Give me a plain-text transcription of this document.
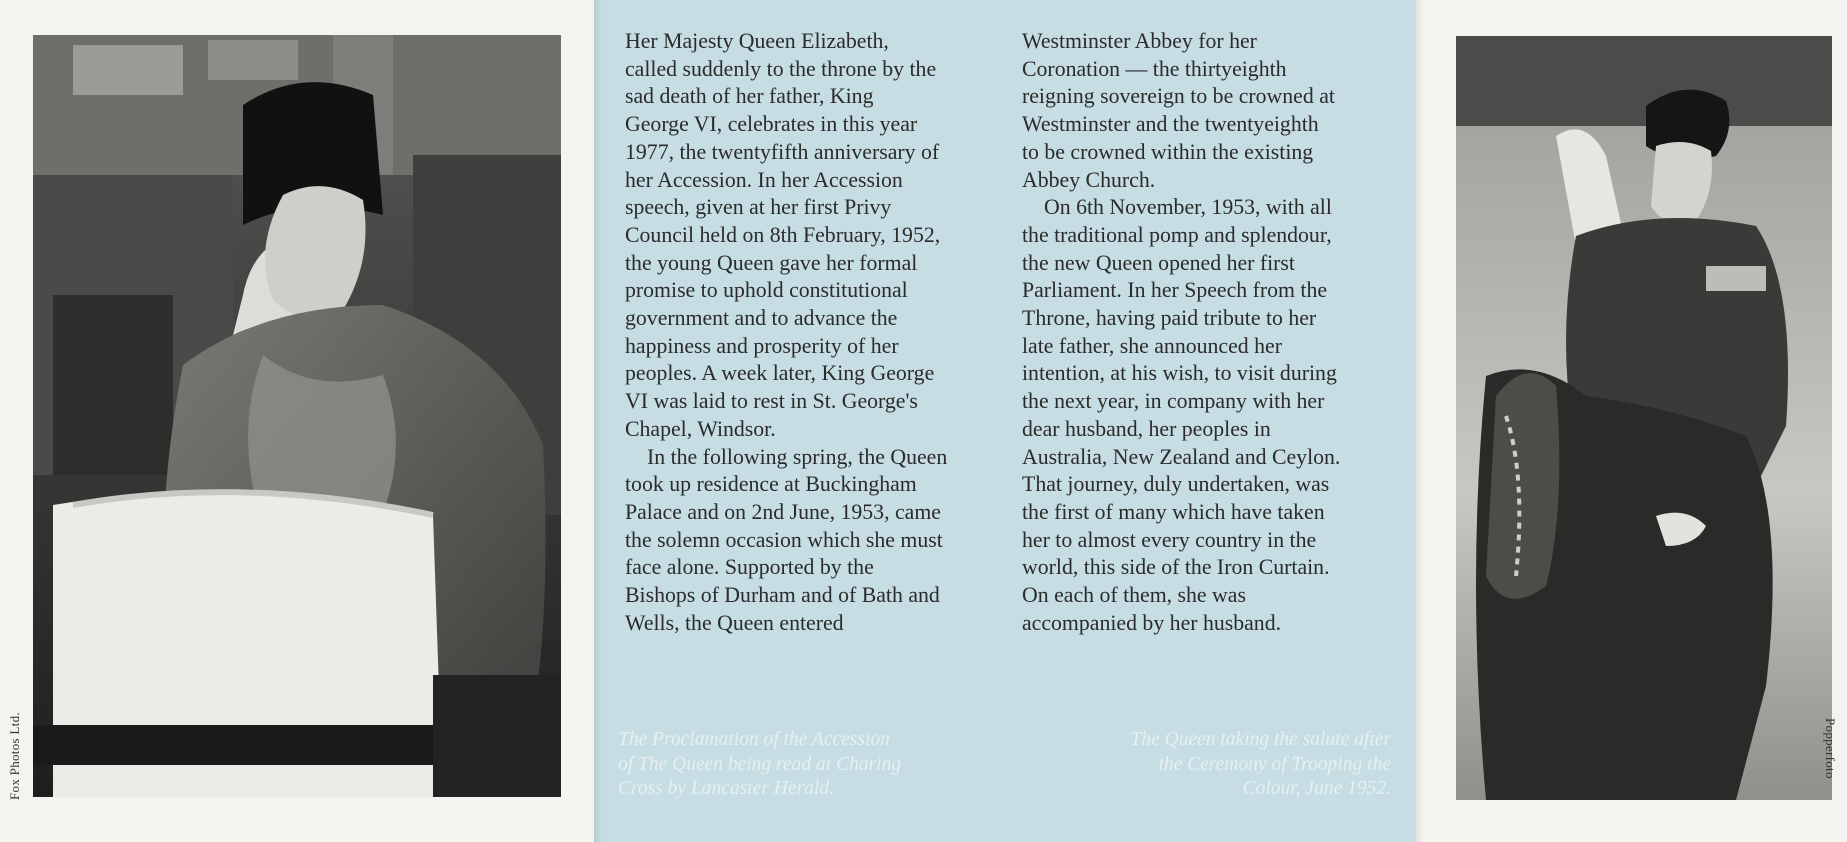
Fox Photos Ltd.	Popperfoto

Her Majesty Queen Elizabeth,
called suddenly to the throne by the
sad death of her father, King
George VI, celebrates in this year
1977, the twentyfifth anniversary of
her Accession. In her Accession
speech, given at her first Privy
Council held on 8th February, 1952,
the young Queen gave her formal
promise to uphold constitutional
government and to advance the
happiness and prosperity of her
peoples. A week later, King George
VI was laid to rest in St. George's
Chapel, Windsor.

In the following spring, the Queen
took up residence at Buckingham
Palace and on 2nd June, 1953, came
the solemn occasion which she must
face alone. Supported by the
Bishops of Durham and of Bath and
Wells, the Queen entered

Westminster Abbey for her
Coronation — the thirtyeighth
reigning sovereign to be crowned at
Westminster and the twentyeighth
to be crowned within the existing
Abbey Church.

On 6th November, 1953, with all
the traditional pomp and splendour,
the new Queen opened her first
Parliament. In her Speech from the
Throne, having paid tribute to her
late father, she announced her
intention, at his wish, to visit during
the next year, in company with her
dear husband, her peoples in
Australia, New Zealand and Ceylon.
That journey, duly undertaken, was
the first of many which have taken
her to almost every country in the
world, this side of the Iron Curtain.
On each of them, she was
accompanied by her husband.

The Proclamation of the Accession
of The Queen being read at Charing
Cross by Lancaster Herald.
The Queen taking the salute after
the Ceremony of Trooping the
Colour, June 1952.
